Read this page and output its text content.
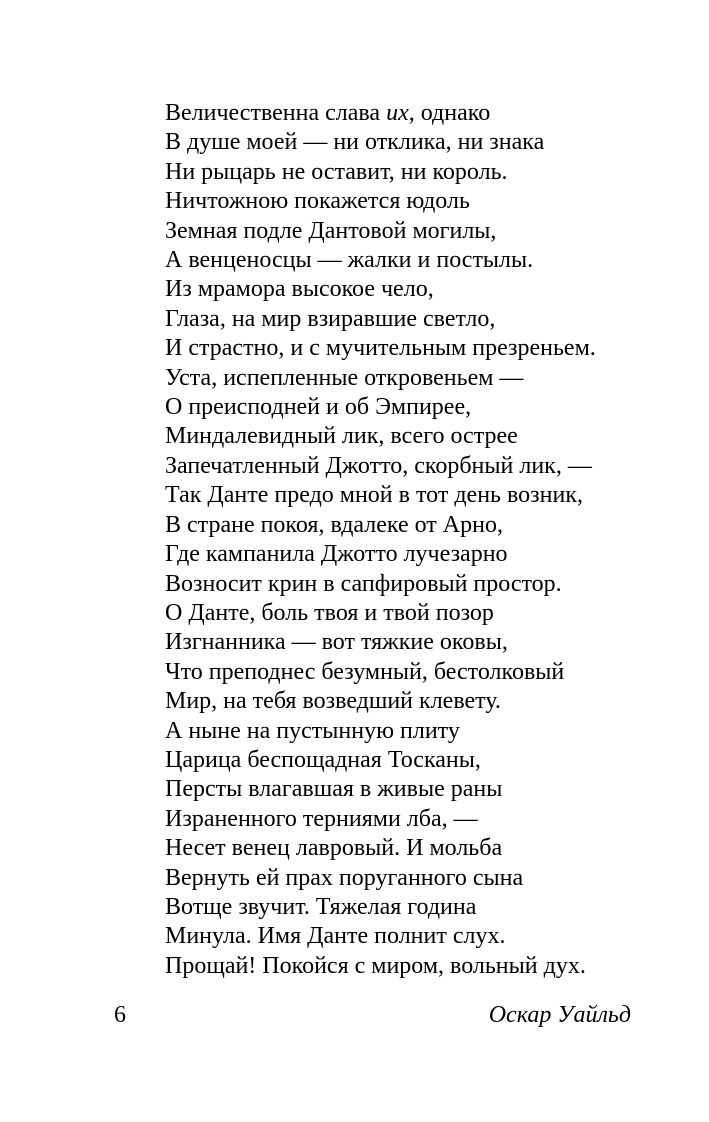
Величественна слава их, однако
В душе моей — ни отклика, ни знака
Ни рыцарь не оставит, ни король.
Ничтожною покажется юдоль
Земная подле Дантовой могилы,
А венценосцы — жалки и постылы.
Из мрамора высокое чело,
Глаза, на мир взиравшие светло,
И страстно, и с мучительным презреньем.
Уста, испепленные откровеньем —
О преисподней и об Эмпирее,
Миндалевидный лик, всего острее
Запечатленный Джотто, скорбный лик, —
Так Данте предо мной в тот день возник,
В стране покоя, вдалеке от Арно,
Где кампанила Джотто лучезарно
Возносит крин в сапфировый простор.
О Данте, боль твоя и твой позор
Изгнанника — вот тяжкие оковы,
Что преподнес безумный, бестолковый
Мир, на тебя возведший клевету.
А ныне на пустынную плиту
Царица беспощадная Тосканы,
Персты влагавшая в живые раны
Израненного терниями лба, —
Несет венец лавровый. И мольба
Вернуть ей прах поруганного сына
Вотще звучит. Тяжелая година
Минула. Имя Данте полнит слух.
Прощай! Покойся с миром, вольный дух.
6	Оскар Уайльд
